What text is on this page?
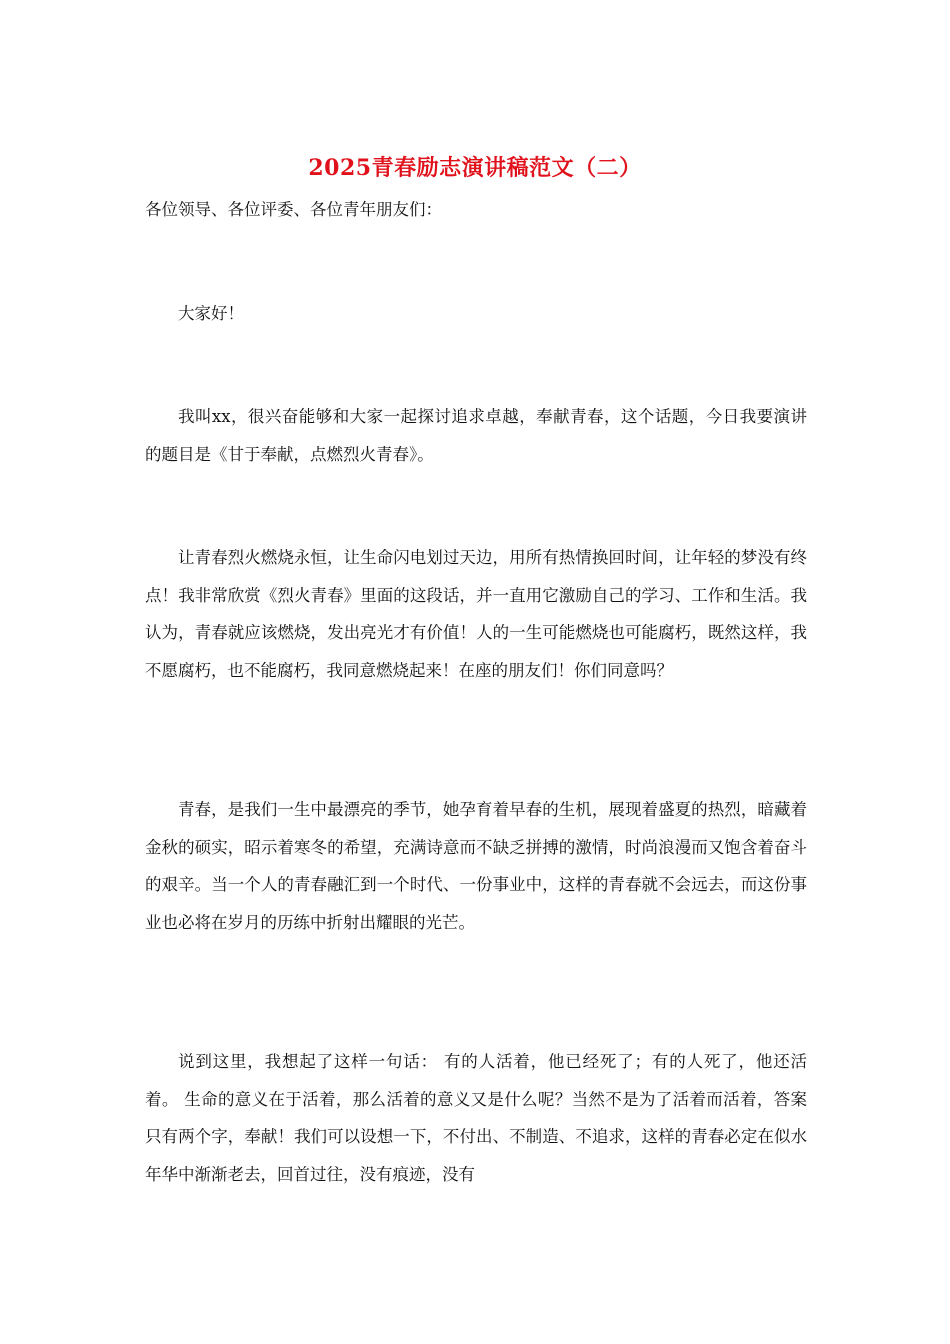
2025青春励志演讲稿范文（二）

各位领导、各位评委、各位青年朋友们：

大家好！

我叫xx，很兴奋能够和大家一起探讨追求卓越，奉献青春，这个话题，今日我要演讲的题目是《甘于奉献，点燃烈火青春》。

让青春烈火燃烧永恒，让生命闪电划过天边，用所有热情换回时间，让年轻的梦没有终点！我非常欣赏《烈火青春》里面的这段话，并一直用它激励自己的学习、工作和生活。我认为，青春就应该燃烧，发出亮光才有价值！人的一生可能燃烧也可能腐朽，既然这样，我不愿腐朽，也不能腐朽，我同意燃烧起来！在座的朋友们！你们同意吗？

青春，是我们一生中最漂亮的季节，她孕育着早春的生机，展现着盛夏的热烈，暗藏着金秋的硕实，昭示着寒冬的希望，充满诗意而不缺乏拼搏的激情，时尚浪漫而又饱含着奋斗的艰辛。当一个人的青春融汇到一个时代、一份事业中，这样的青春就不会远去，而这份事业也必将在岁月的历练中折射出耀眼的光芒。

说到这里，我想起了这样一句话： 有的人活着，他已经死了；有的人死了，他还活着。 生命的意义在于活着，那么活着的意义又是什么呢？当然不是为了活着而活着，答案只有两个字，奉献！我们可以设想一下，不付出、不制造、不追求，这样的青春必定在似水年华中渐渐老去，回首过往，没有痕迹，没有
